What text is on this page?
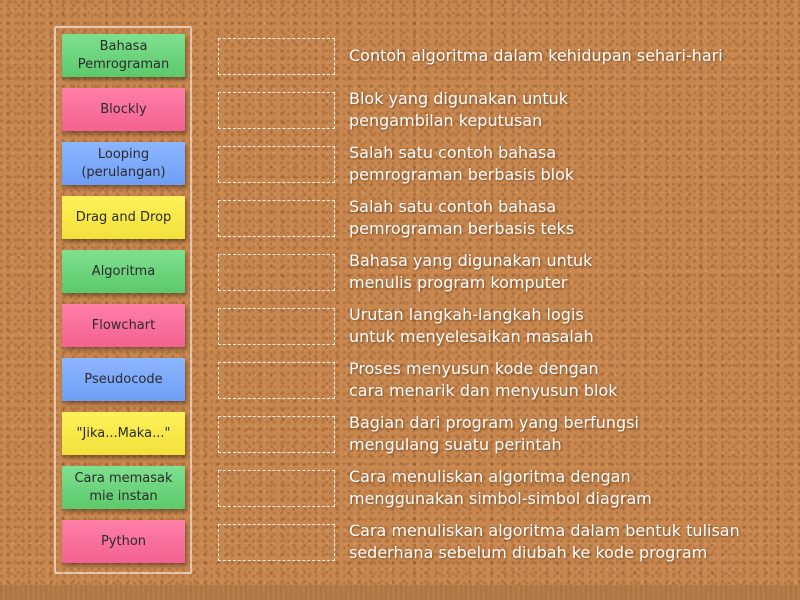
Bahasa Pemrograman
Blockly
Looping (perulangan)
Drag and Drop
Algoritma
Flowchart
Pseudocode
"Jika...Maka..."
Cara memasak mie instan
Python
Contoh algoritma dalam kehidupan sehari-hari
Blok yang digunakan untuk
pengambilan keputusan
Salah satu contoh bahasa
pemrograman berbasis blok
Salah satu contoh bahasa
pemrograman berbasis teks
Bahasa yang digunakan untuk
menulis program komputer
Urutan langkah-langkah logis
untuk menyelesaikan masalah
Proses menyusun kode dengan
cara menarik dan menyusun blok
Bagian dari program yang berfungsi
mengulang suatu perintah
Cara menuliskan algoritma dengan
menggunakan simbol-simbol diagram
Cara menuliskan algoritma dalam bentuk tulisan
sederhana sebelum diubah ke kode program
